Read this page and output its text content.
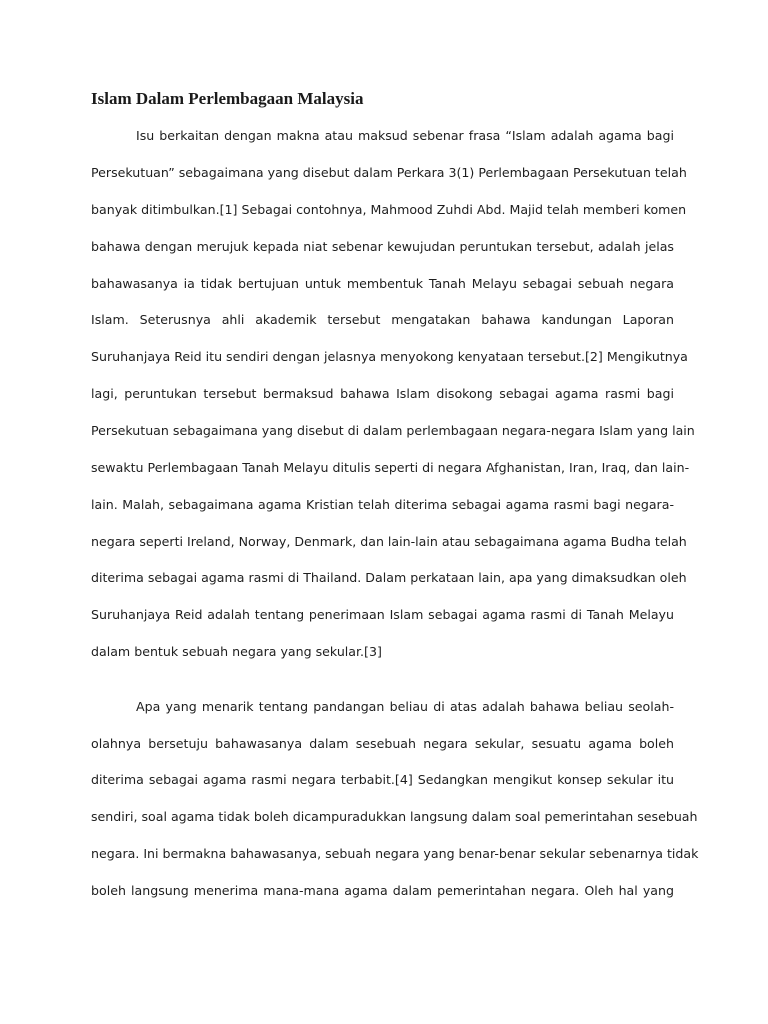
Islam Dalam Perlembagaan Malaysia
Isu berkaitan dengan makna atau maksud sebenar frasa “Islam adalah agama bagi
Persekutuan” sebagaimana yang disebut dalam Perkara 3(1) Perlembagaan Persekutuan telah
banyak ditimbulkan.[1] Sebagai contohnya, Mahmood Zuhdi Abd. Majid telah memberi komen
bahawa dengan merujuk kepada niat sebenar kewujudan peruntukan tersebut, adalah jelas
bahawasanya ia tidak bertujuan untuk membentuk Tanah Melayu sebagai sebuah negara
Islam. Seterusnya ahli akademik tersebut mengatakan bahawa kandungan Laporan
Suruhanjaya Reid itu sendiri dengan jelasnya menyokong kenyataan tersebut.[2] Mengikutnya
lagi, peruntukan tersebut bermaksud bahawa Islam disokong sebagai agama rasmi bagi
Persekutuan sebagaimana yang disebut di dalam perlembagaan negara-negara Islam yang lain
sewaktu Perlembagaan Tanah Melayu ditulis seperti di negara Afghanistan, Iran, Iraq, dan lain-
lain. Malah, sebagaimana agama Kristian telah diterima sebagai agama rasmi bagi negara-
negara seperti Ireland, Norway, Denmark, dan lain-lain atau sebagaimana agama Budha telah
diterima sebagai agama rasmi di Thailand. Dalam perkataan lain, apa yang dimaksudkan oleh
Suruhanjaya Reid adalah tentang penerimaan Islam sebagai agama rasmi di Tanah Melayu
dalam bentuk sebuah negara yang sekular.[3]
Apa yang menarik tentang pandangan beliau di atas adalah bahawa beliau seolah-
olahnya bersetuju bahawasanya dalam sesebuah negara sekular, sesuatu agama boleh
diterima sebagai agama rasmi negara terbabit.[4] Sedangkan mengikut konsep sekular itu
sendiri, soal agama tidak boleh dicampuradukkan langsung dalam soal pemerintahan sesebuah
negara. Ini bermakna bahawasanya, sebuah negara yang benar-benar sekular sebenarnya tidak
boleh langsung menerima mana-mana agama dalam pemerintahan negara. Oleh hal yang
